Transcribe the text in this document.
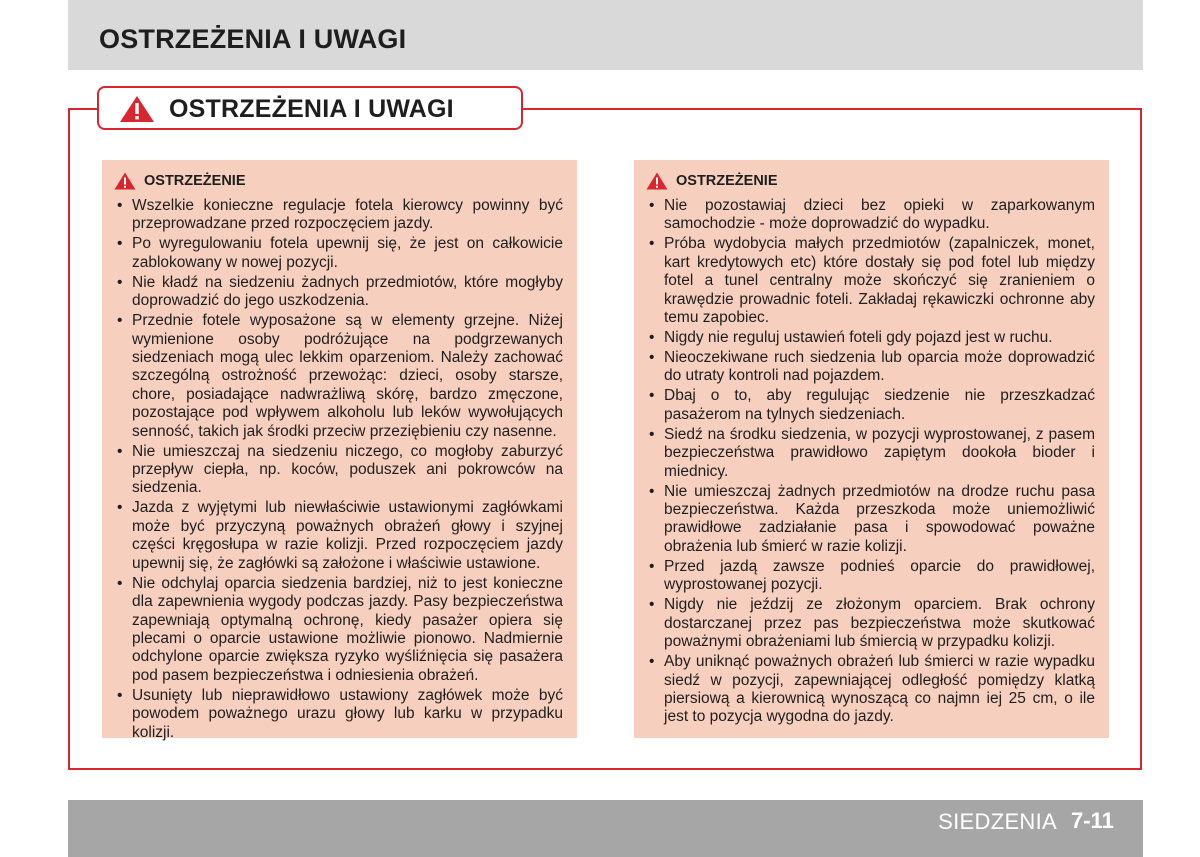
OSTRZEŻENIA I UWAGI
OSTRZEŻENIA I UWAGI
OSTRZEŻENIE
• Wszelkie konieczne regulacje fotela kierowcy powinny być przeprowadzane przed rozpoczęciem jazdy.
• Po wyregulowaniu fotela upewnij się, że jest on całkowicie zablokowany w nowej pozycji.
• Nie kładź na siedzeniu żadnych przedmiotów, które mogłyby doprowadzić do jego uszkodzenia.
• Przednie fotele wyposażone są w elementy grzejne. Niżej wymienione osoby podróżujące na podgrzewanych siedzeniach mogą ulec lekkim oparzeniom. Należy zachować szczególną ostrożność przewożąc: dzieci, osoby starsze, chore, posiadające nadwrażliwą skórę, bardzo zmęczone, pozostające pod wpływem alkoholu lub leków wywołujących senność, takich jak środki przeciw przeziębieniu czy nasenne.
• Nie umieszczaj na siedzeniu niczego, co mogłoby zaburzyć przepływ ciepła, np. koców, poduszek ani pokrowców na siedzenia.
• Jazda z wyjętymi lub niewłaściwie ustawionymi zagłówkami może być przyczyną poważnych obrażeń głowy i szyjnej części kręgosłupa w razie kolizji. Przed rozpoczęciem jazdy upewnij się, że zagłówki są założone i właściwie ustawione.
• Nie odchylaj oparcia siedzenia bardziej, niż to jest konieczne dla zapewnienia wygody podczas jazdy. Pasy bezpieczeństwa zapewniają optymalną ochronę, kiedy pasażer opiera się plecami o oparcie ustawione możliwie pionowo. Nadmiernie odchylone oparcie zwiększa ryzyko wyśliźnięcia się pasażera pod pasem bezpieczeństwa i odniesienia obrażeń.
• Usunięty lub nieprawidłowo ustawiony zagłówek może być powodem poważnego urazu głowy lub karku w przypadku kolizji.
OSTRZEŻENIE
• Nie pozostawiaj dzieci bez opieki w zaparkowanym samochodzie - może doprowadzić do wypadku.
• Próba wydobycia małych przedmiotów (zapalniczek, monet, kart kredytowych etc) które dostały się pod fotel lub między fotel a tunel centralny może skończyć się zranieniem o krawędzie prowadnic foteli. Zakładaj rękawiczki ochronne aby temu zapobiec.
• Nigdy nie reguluj ustawień foteli gdy pojazd jest w ruchu.
• Nieoczekiwane ruch siedzenia lub oparcia może doprowadzić do utraty kontroli nad pojazdem.
• Dbaj o to, aby regulując siedzenie nie przeszkadzać pasażerom na tylnych siedzeniach.
• Siedź na środku siedzenia, w pozycji wyprostowanej, z pasem bezpieczeństwa prawidłowo zapiętym dookoła bioder i miednicy.
• Nie umieszczaj żadnych przedmiotów na drodze ruchu pasa bezpieczeństwa. Każda przeszkoda może uniemożliwić prawidłowe zadziałanie pasa i spowodować poważne obrażenia lub śmierć w razie kolizji.
• Przed jazdą zawsze podnieś oparcie do prawidłowej, wyprostowanej pozycji.
• Nigdy nie jeździj ze złożonym oparciem. Brak ochrony dostarczanej przez pas bezpieczeństwa może skutkować poważnymi obrażeniami lub śmiercią w przypadku kolizji.
• Aby uniknąć poważnych obrażeń lub śmierci w razie wypadku siedź w pozycji, zapewniającej odległość pomiędzy klatką piersiową a kierownicą wynoszącą co najmn iej 25 cm, o ile jest to pozycja wygodna do jazdy.
SIEDZENIA 7-11
